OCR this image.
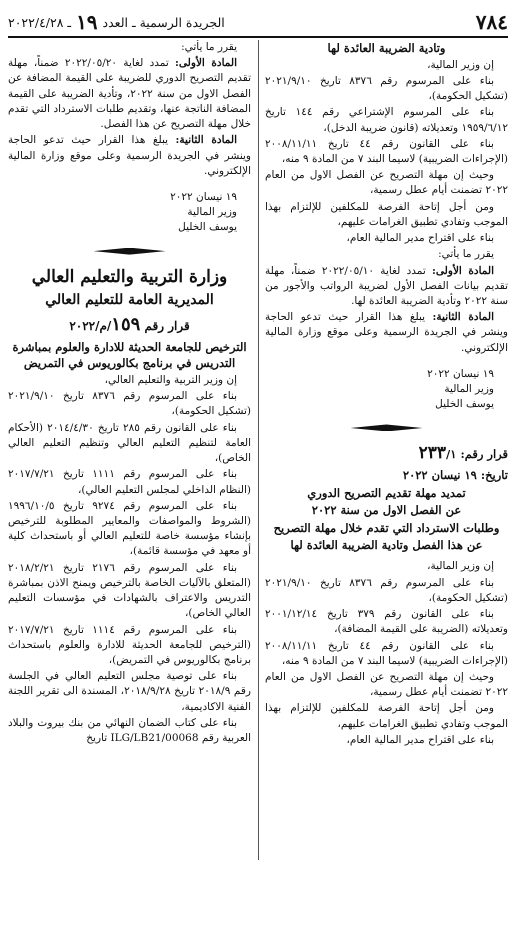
٧٨٤
الجريدة الرسمية ـ العدد
١٩
ـ ٢٠٢٢/٤/٢٨

وتادية الضريبة العائدة لها

إن وزير المالية،

بناء على المرسوم رقم ٨٣٧٦ تاريخ ٢٠٢١/٩/١٠ (تشكيل الحكومة)،

بناء على المرسوم الإشتراعي رقم ١٤٤ تاريخ ١٩٥٩/٦/١٢ وتعديلاته (قانون ضريبة الدخل)،

بناء على القانون رقم ٤٤ تاريخ ٢٠٠٨/١١/١١ (الإجراءات الضريبية) لاسيما البند ٧ من المادة ٩ منه،

وحيث إن مهلة التصريح عن الفصل الاول من العام ٢٠٢٢ تضمنت أيام عطل رسمية،

ومن أجل إتاحة الفرصة للمكلفين للإلتزام بهذا الموجب وتفادي تطبيق الغرامات عليهم،

بناء على اقتراح مدير المالية العام،

يقرر ما يأتي:

المادة الأولى: تمدد لغاية ٢٠٢٢/٠٥/١٠ ضمناً، مهلة تقديم بيانات الفصل الأول لضريبة الرواتب والأجور من سنة ٢٠٢٢ وتأدية الضريبة العائدة لها.

المادة الثانية: يبلغ هذا القرار حيث تدعو الحاجة وينشر في الجريدة الرسمية وعلى موقع وزارة المالية الإلكتروني.

١٩ نيسان ٢٠٢٢

وزير المالية

يوسف الخليل

قرار رقم: ٢٣٣/١

تاريخ: ١٩ نيسان ٢٠٢٢

تمديد مهلة تقديم التصريح الدوري

عن الفصل الاول من سنة ٢٠٢٢

وطلبات الاسترداد التي تقدم خلال مهلة التصريح عن هذا الفصل وتادية الضريبة العائدة لها

إن وزير المالية،

بناء على المرسوم رقم ٨٣٧٦ تاريخ ٢٠٢١/٩/١٠ (تشكيل الحكومة)،

بناء على القانون رقم ٣٧٩ تاريخ ٢٠٠١/١٢/١٤ وتعديلاته (الضريبة على القيمة المضافة)،

بناء على القانون رقم ٤٤ تاريخ ٢٠٠٨/١١/١١ (الإجراءات الضريبية) لاسيما البند ٧ من المادة ٩ منه،

وحيث إن مهلة التصريح عن الفصل الاول من العام ٢٠٢٢ تضمنت أيام عطل رسمية،

ومن أجل إتاحة الفرصة للمكلفين للإلتزام بهذا الموجب وتفادي تطبيق الغرامات عليهم،

بناء على اقتراح مدير المالية العام،

يقرر ما يأتي:

المادة الأولى: تمدد لغاية ٢٠٢٢/٠٥/٢٠ ضمناً، مهلة تقديم التصريح الدوري للضريبة على القيمة المضافة عن الفصل الاول من سنة ٢٠٢٢، وتأدية الضريبة على القيمة المضافة الناتجة عنها، وتقديم طلبات الاسترداد التي تقدم خلال مهلة التصريح عن هذا الفصل.

المادة الثانية: يبلغ هذا القرار حيث تدعو الحاجة وينشر في الجريدة الرسمية وعلى موقع وزارة المالية الإلكتروني.

١٩ نيسان ٢٠٢٢

وزير المالية

يوسف الخليل

وزارة التربية والتعليم العالي

المديرية العامة للتعليم العالي

قرار رقم ١٥٩/م/٢٠٢٢

الترخيص للجامعة الحديثة للادارة والعلوم بمباشرة التدريس في برنامج بكالوريوس في التمريض

إن وزير التربية والتعليم العالي،

بناء على المرسوم رقم ٨٣٧٦ تاريخ ٢٠٢١/٩/١٠ (تشكيل الحكومة)،

بناء على القانون رقم ٢٨٥ تاريخ ٢٠١٤/٤/٣٠ (الأحكام العامة لتنظيم التعليم العالي وتنظيم التعليم العالي الخاص)،

بناء على المرسوم رقم ١١١١ تاريخ ٢٠١٧/٧/٢١ (النظام الداخلي لمجلس التعليم العالي)،

بناء على المرسوم رقم ٩٢٧٤ تاريخ ١٩٩٦/١٠/٥ (الشروط والمواصفات والمعايير المطلوبة للترخيص بإنشاء مؤسسة خاصة للتعليم العالي أو باستحداث كلية أو معهد في مؤسسة قائمة)،

بناء على المرسوم رقم ٢١٧٦ تاريخ ٢٠١٨/٢/٢١ (المتعلق بالآليات الخاصة بالترخيص ويمنح الاذن بمباشرة التدريس والاعتراف بالشهادات في مؤسسات التعليم العالي الخاص)،

بناء على المرسوم رقم ١١١٤ تاريخ ٢٠١٧/٧/٢١ (الترخيص للجامعة الحديثة للادارة والعلوم باستحداث برنامج بكالوريوس في التمريض)،

بناء على توصية مجلس التعليم العالي في الجلسة رقم ٢٠١٨/٩ تاريخ ٢٠١٨/٩/٢٨، المسندة الى تقرير اللجنة الفنية الاكاديمية،

بناء على كتاب الضمان النهائي من بنك بيروت والبلاد العربية رقم ILG/LB21/00068 تاريخ
